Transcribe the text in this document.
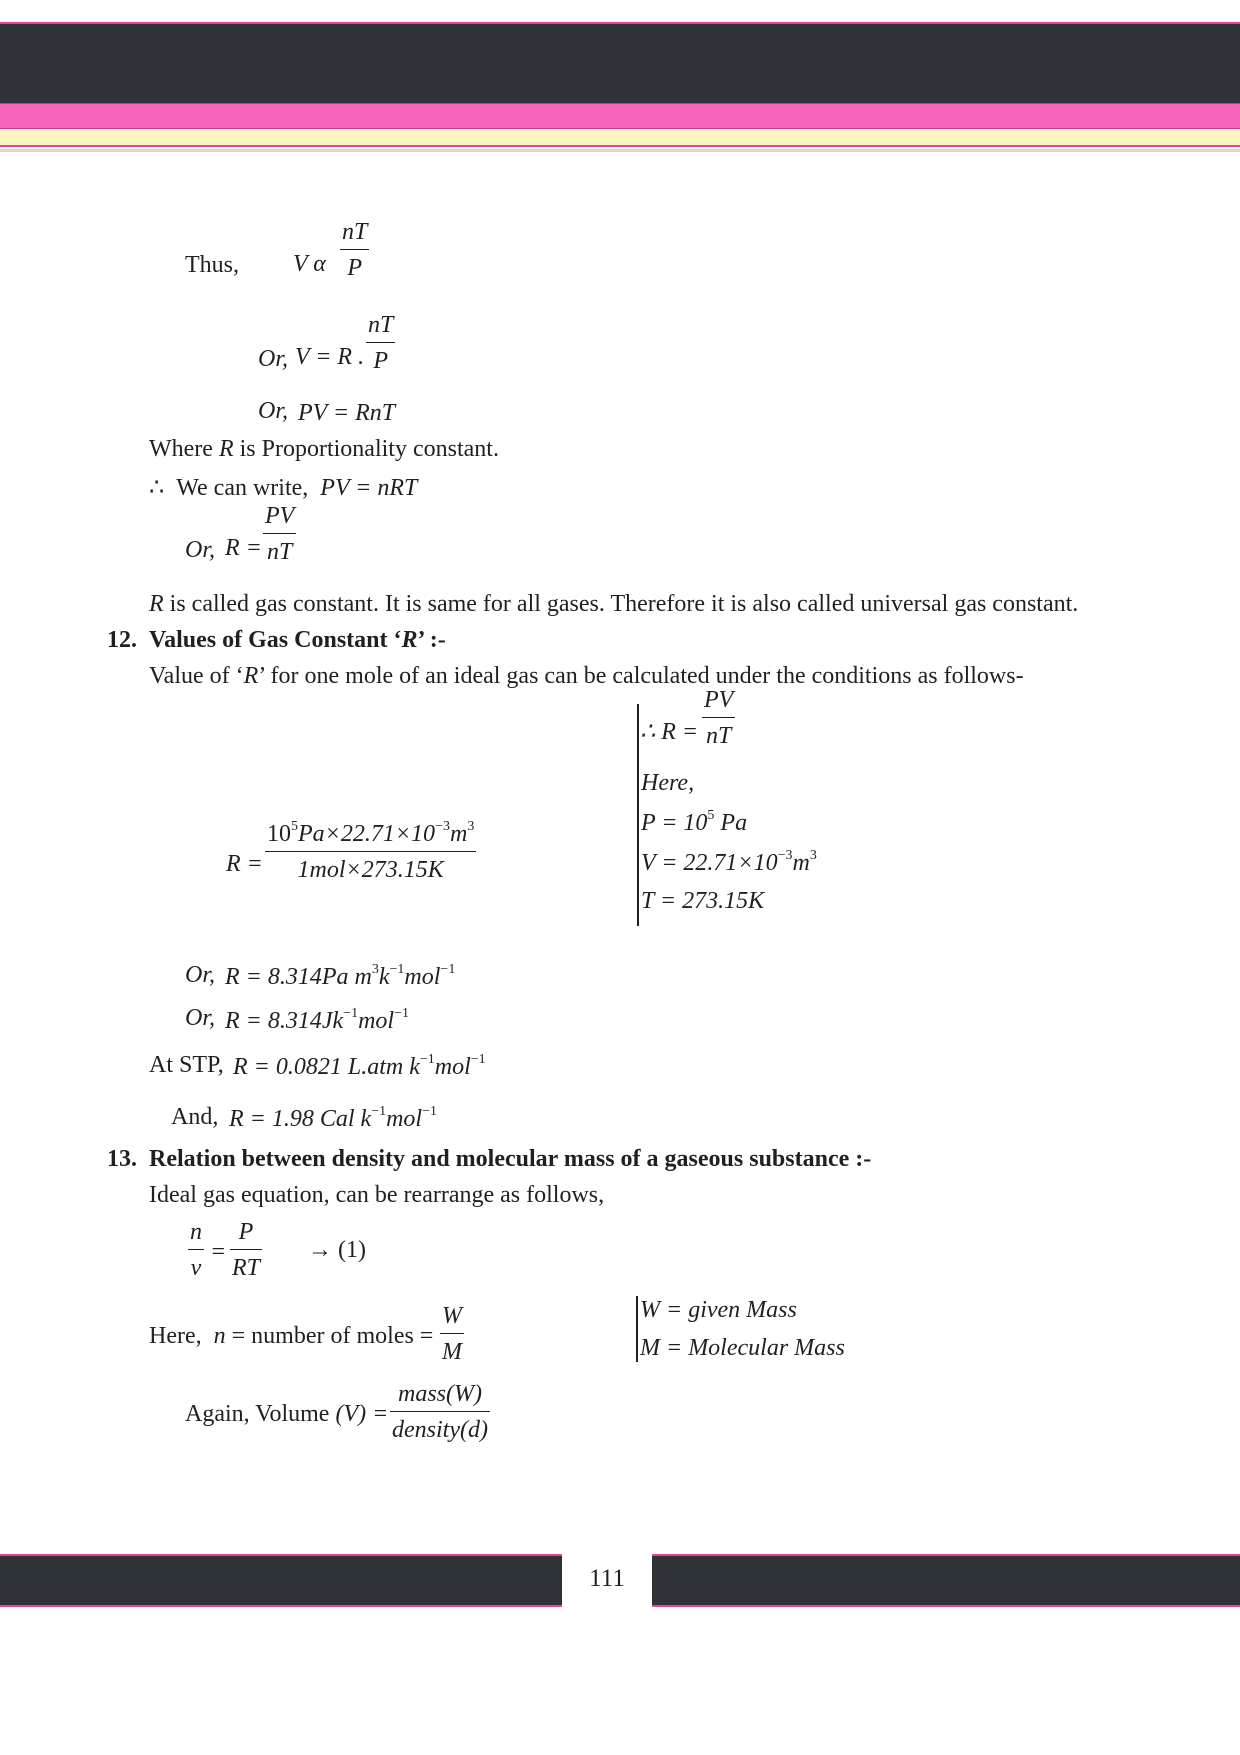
Thus, V α $\frac{nT}{P}$
Or, V = R . $\frac{nT}{P}$
Or, PV = RnT
Where R is Proportionality constant.
∴ We can write, PV = nRT
Or, $R = \frac{PV}{nT}$
R is called gas constant. It is same for all gases. Therefore it is also called universal gas constant.
12. Values of Gas Constant ‘R’ :-
Value of ‘R’ for one mole of an ideal gas can be calculated under the conditions as follows-
$R = \frac{10^5Pa\times 22.71\times 10^{-3}m^3}{\text{1mol×273.15K}}$
∴ $R = \frac{PV}{nT}$
Here,
$P = 10^5$ Pa
$V = 22.71\times 10^{-3}m^3$
T = 273.15K
Or, R = 8.314Pa $m^3k^{-1}mol^{-1}$
Or, $R = 8.314Jk^{-1}mol^{-1}$
At STP, R = 0.0821 L.atm $k^{-1}mol^{-1}$
And, R = 1.98 Cal $k^{-1}mol^{-1}$
13. Relation between density and molecular mass of a gaseous substance :-
Ideal gas equation, can be rearrange as follows,
$\frac{n}{v} = \frac{P}{RT} \to (1)$
Here, n = number of moles = $\frac{W}{M}$	W = given Mass
M = Molecular Mass
Again, Volume $(V) = \frac{\text{mass(W)}}{\text{density(d)}}$
111
